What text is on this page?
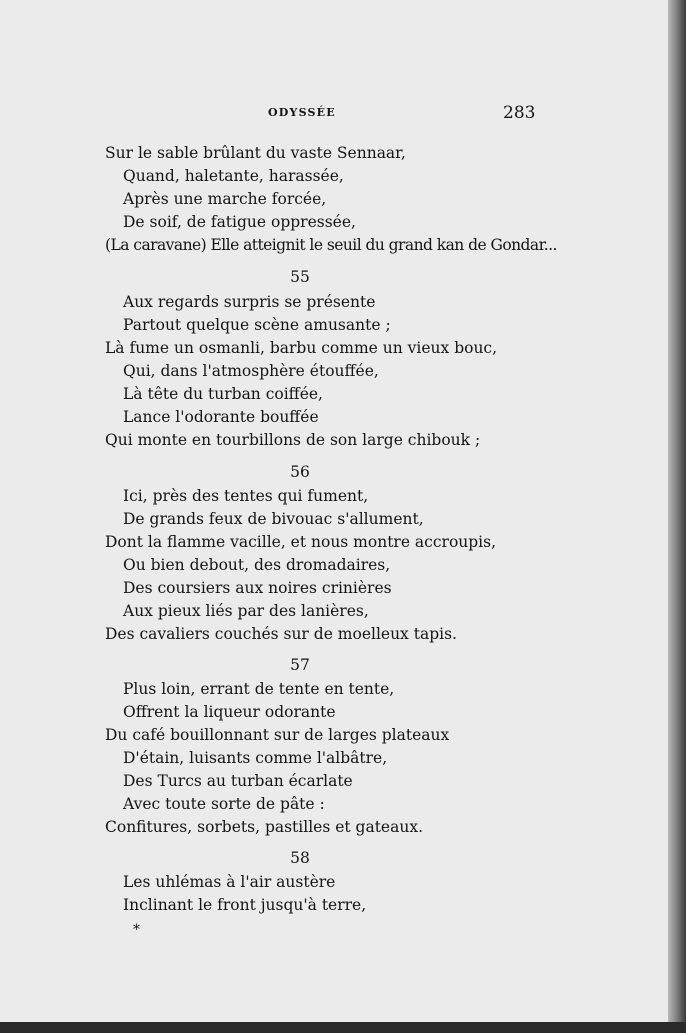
ODYSSÉE	283
Sur le sable brûlant du vaste Sennaar,
Quand, haletante, harassée,
Après une marche forcée,
De soif, de fatigue oppressée,
(La caravane) Elle atteignit le seuil du grand kan de Gondar...
55
Aux regards surpris se présente
Partout quelque scène amusante ;
Là fume un osmanli, barbu comme un vieux bouc,
Qui, dans l'atmosphère étouffée,
Là tête du turban coiffée,
Lance l'odorante bouffée
Qui monte en tourbillons de son large chibouk ;
56
Ici, près des tentes qui fument,
De grands feux de bivouac s'allument,
Dont la flamme vacille, et nous montre accroupis,
Ou bien debout, des dromadaires,
Des coursiers aux noires crinières
Aux pieux liés par des lanières,
Des cavaliers couchés sur de moelleux tapis.
57
Plus loin, errant de tente en tente,
Offrent la liqueur odorante
Du café bouillonnant sur de larges plateaux
D'étain, luisants comme l'albâtre,
Des Turcs au turban écarlate
Avec toute sorte de pâte :
Confitures, sorbets, pastilles et gateaux.
58
Les uhlémas à l'air austère
Inclinant le front jusqu'à terre,
*
